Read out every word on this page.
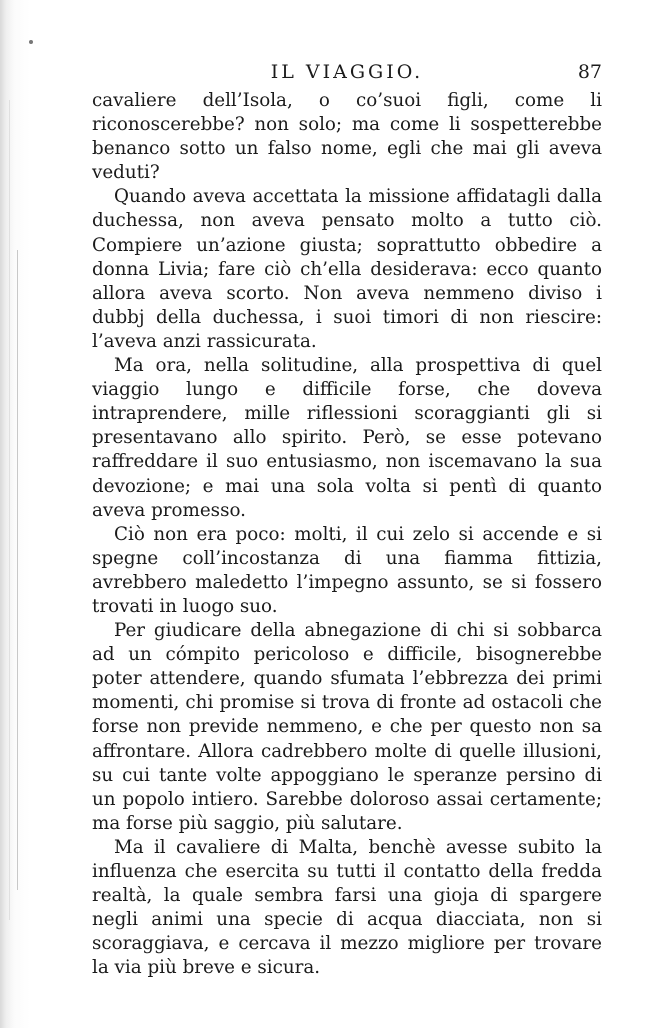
IL VIAGGIO.	87

cavaliere dell’Isola, o co’suoi figli, come li riconoscerebbe? non solo; ma come li sospetterebbe benanco sotto un falso nome, egli che mai gli aveva veduti?

Quando aveva accettata la missione affidatagli dalla duchessa, non aveva pensato molto a tutto ciò. Compiere un’azione giusta; soprattutto obbedire a donna Livia; fare ciò ch’ella desiderava: ecco quanto allora aveva scorto. Non aveva nemmeno diviso i dubbj della duchessa, i suoi timori di non riescire: l’aveva anzi rassicurata.

Ma ora, nella solitudine, alla prospettiva di quel viaggio lungo e difficile forse, che doveva intraprendere, mille riflessioni scoraggianti gli si presentavano allo spirito. Però, se esse potevano raffreddare il suo entusiasmo, non iscemavano la sua devozione; e mai una sola volta si pentì di quanto aveva promesso.

Ciò non era poco: molti, il cui zelo si accende e si spegne coll’incostanza di una fiamma fittizia, avrebbero maledetto l’impegno assunto, se si fossero trovati in luogo suo.

Per giudicare della abnegazione di chi si sobbarca ad un cómpito pericoloso e difficile, bisognerebbe poter attendere, quando sfumata l’ebbrezza dei primi momenti, chi promise si trova di fronte ad ostacoli che forse non previde nemmeno, e che per questo non sa affrontare. Allora cadrebbero molte di quelle illusioni, su cui tante volte appoggiano le speranze persino di un popolo intiero. Sarebbe doloroso assai certamente; ma forse più saggio, più salutare.

Ma il cavaliere di Malta, benchè avesse subito la influenza che esercita su tutti il contatto della fredda realtà, la quale sembra farsi una gioja di spargere negli animi una specie di acqua diacciata, non si scoraggiava, e cercava il mezzo migliore per trovare la via più breve e sicura.
